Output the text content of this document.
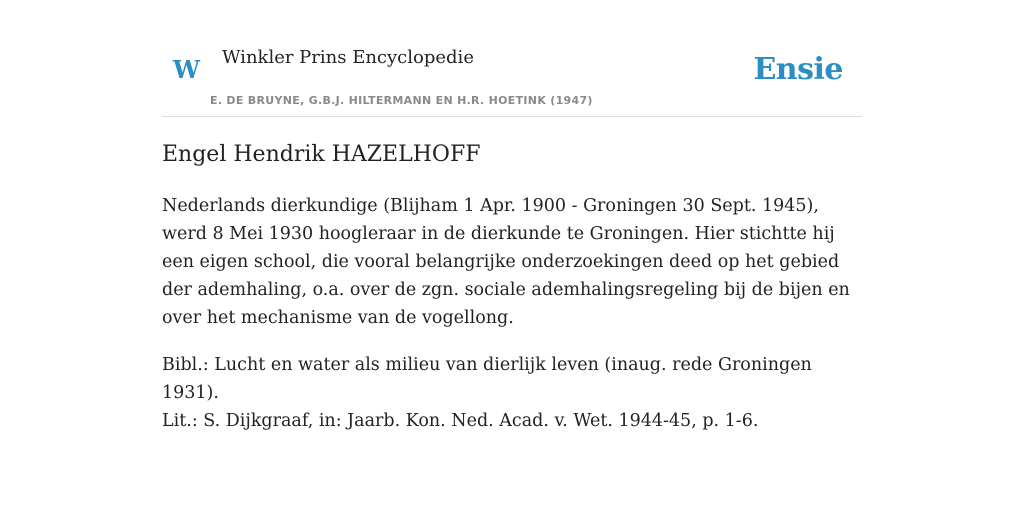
W Winkler Prins Encyclopedie
E. DE BRUYNE, G.B.J. HILTERMANN EN H.R. HOETINK (1947)
Ensie
Engel Hendrik HAZELHOFF

Nederlands dierkundige (Blijham 1 Apr. 1900 - Groningen 30 Sept. 1945), werd 8 Mei 1930 hoogleraar in de dierkunde te Groningen. Hier stichtte hij een eigen school, die vooral belangrijke onderzoekingen deed op het gebied der ademhaling, o.a. over de zgn. sociale ademhalingsregeling bij de bijen en over het mechanisme van de vogellong.

Bibl.: Lucht en water als milieu van dierlijk leven (inaug. rede Groningen 1931).

Lit.: S. Dijkgraaf, in: Jaarb. Kon. Ned. Acad. v. Wet. 1944-45, p. 1-6.
